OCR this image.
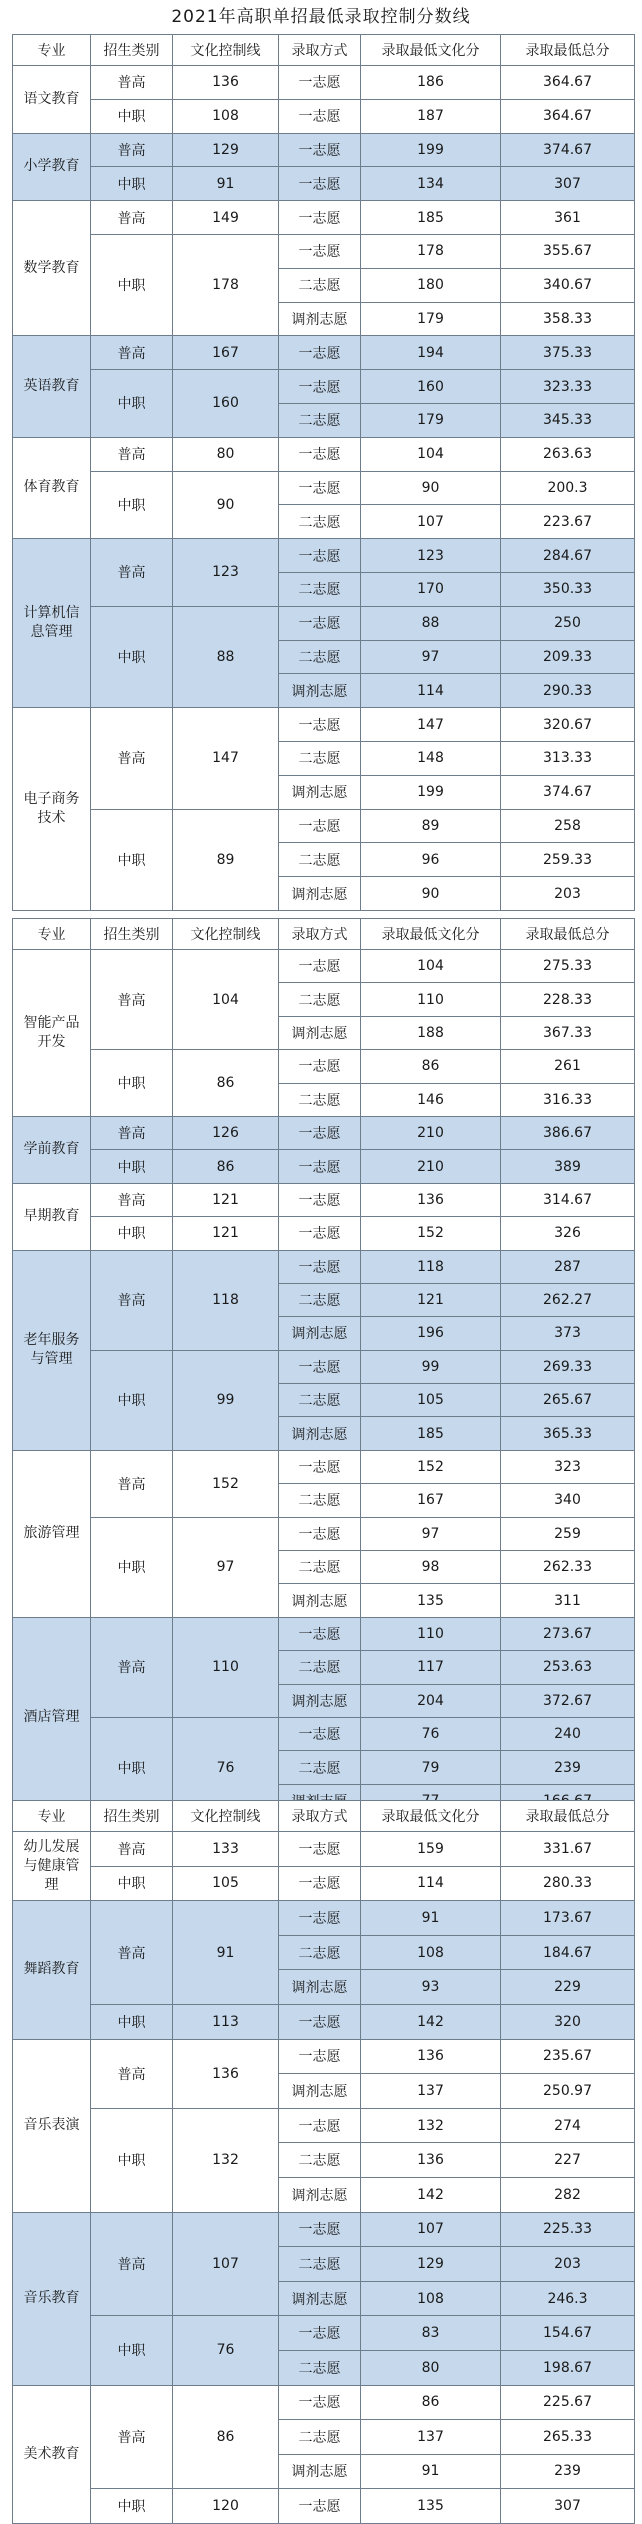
2021年高职单招最低录取控制分数线
专业	招生类别	文化控制线	录取方式	录取最低文化分	录取最低总分
语文教育	普高	136	一志愿	186	364.67
	中职	108	一志愿	187	364.67
小学教育	普高	129	一志愿	199	374.67
	中职	91	一志愿	134	307
数学教育	普高	149	一志愿	185	361
	中职	178	一志愿	178	355.67
			二志愿	180	340.67
			调剂志愿	179	358.33
英语教育	普高	167	一志愿	194	375.33
	中职	160	一志愿	160	323.33
			二志愿	179	345.33
体育教育	普高	80	一志愿	104	263.63
	中职	90	一志愿	90	200.3
			二志愿	107	223.67
计算机信息管理	普高	123	一志愿	123	284.67
			二志愿	170	350.33
	中职	88	一志愿	88	250
			二志愿	97	209.33
			调剂志愿	114	290.33
电子商务技术	普高	147	一志愿	147	320.67
			二志愿	148	313.33
			调剂志愿	199	374.67
	中职	89	一志愿	89	258
			二志愿	96	259.33
			调剂志愿	90	203
专业	招生类别	文化控制线	录取方式	录取最低文化分	录取最低总分
智能产品开发	普高	104	一志愿	104	275.33
			二志愿	110	228.33
			调剂志愿	188	367.33
	中职	86	一志愿	86	261
			二志愿	146	316.33
学前教育	普高	126	一志愿	210	386.67
	中职	86	一志愿	210	389
早期教育	普高	121	一志愿	136	314.67
	中职	121	一志愿	152	326
老年服务与管理	普高	118	一志愿	118	287
			二志愿	121	262.27
			调剂志愿	196	373
	中职	99	一志愿	99	269.33
			二志愿	105	265.67
			调剂志愿	185	365.33
旅游管理	普高	152	一志愿	152	323
			二志愿	167	340
	中职	97	一志愿	97	259
			二志愿	98	262.33
			调剂志愿	135	311
酒店管理	普高	110	一志愿	110	273.67
			二志愿	117	253.63
			调剂志愿	204	372.67
	中职	76	一志愿	76	240
			二志愿	79	239

专业	招生类别	文化控制线	录取方式	录取最低文化分	录取最低总分
幼儿发展与健康管理	普高	133	一志愿	159	331.67
	中职	105	一志愿	114	280.33
舞蹈教育	普高	91	一志愿	91	173.67
			二志愿	108	184.67
			调剂志愿	93	229
	中职	113	一志愿	142	320
音乐表演	普高	136	一志愿	136	235.67
			调剂志愿	137	250.97
	中职	132	一志愿	132	274
			二志愿	136	227
			调剂志愿	142	282
音乐教育	普高	107	一志愿	107	225.33
			二志愿	129	203
			调剂志愿	108	246.3
	中职	76	一志愿	83	154.67
			二志愿	80	198.67
美术教育	普高	86	一志愿	86	225.67
			二志愿	137	265.33
			调剂志愿	91	239
	中职	120	一志愿	135	307
